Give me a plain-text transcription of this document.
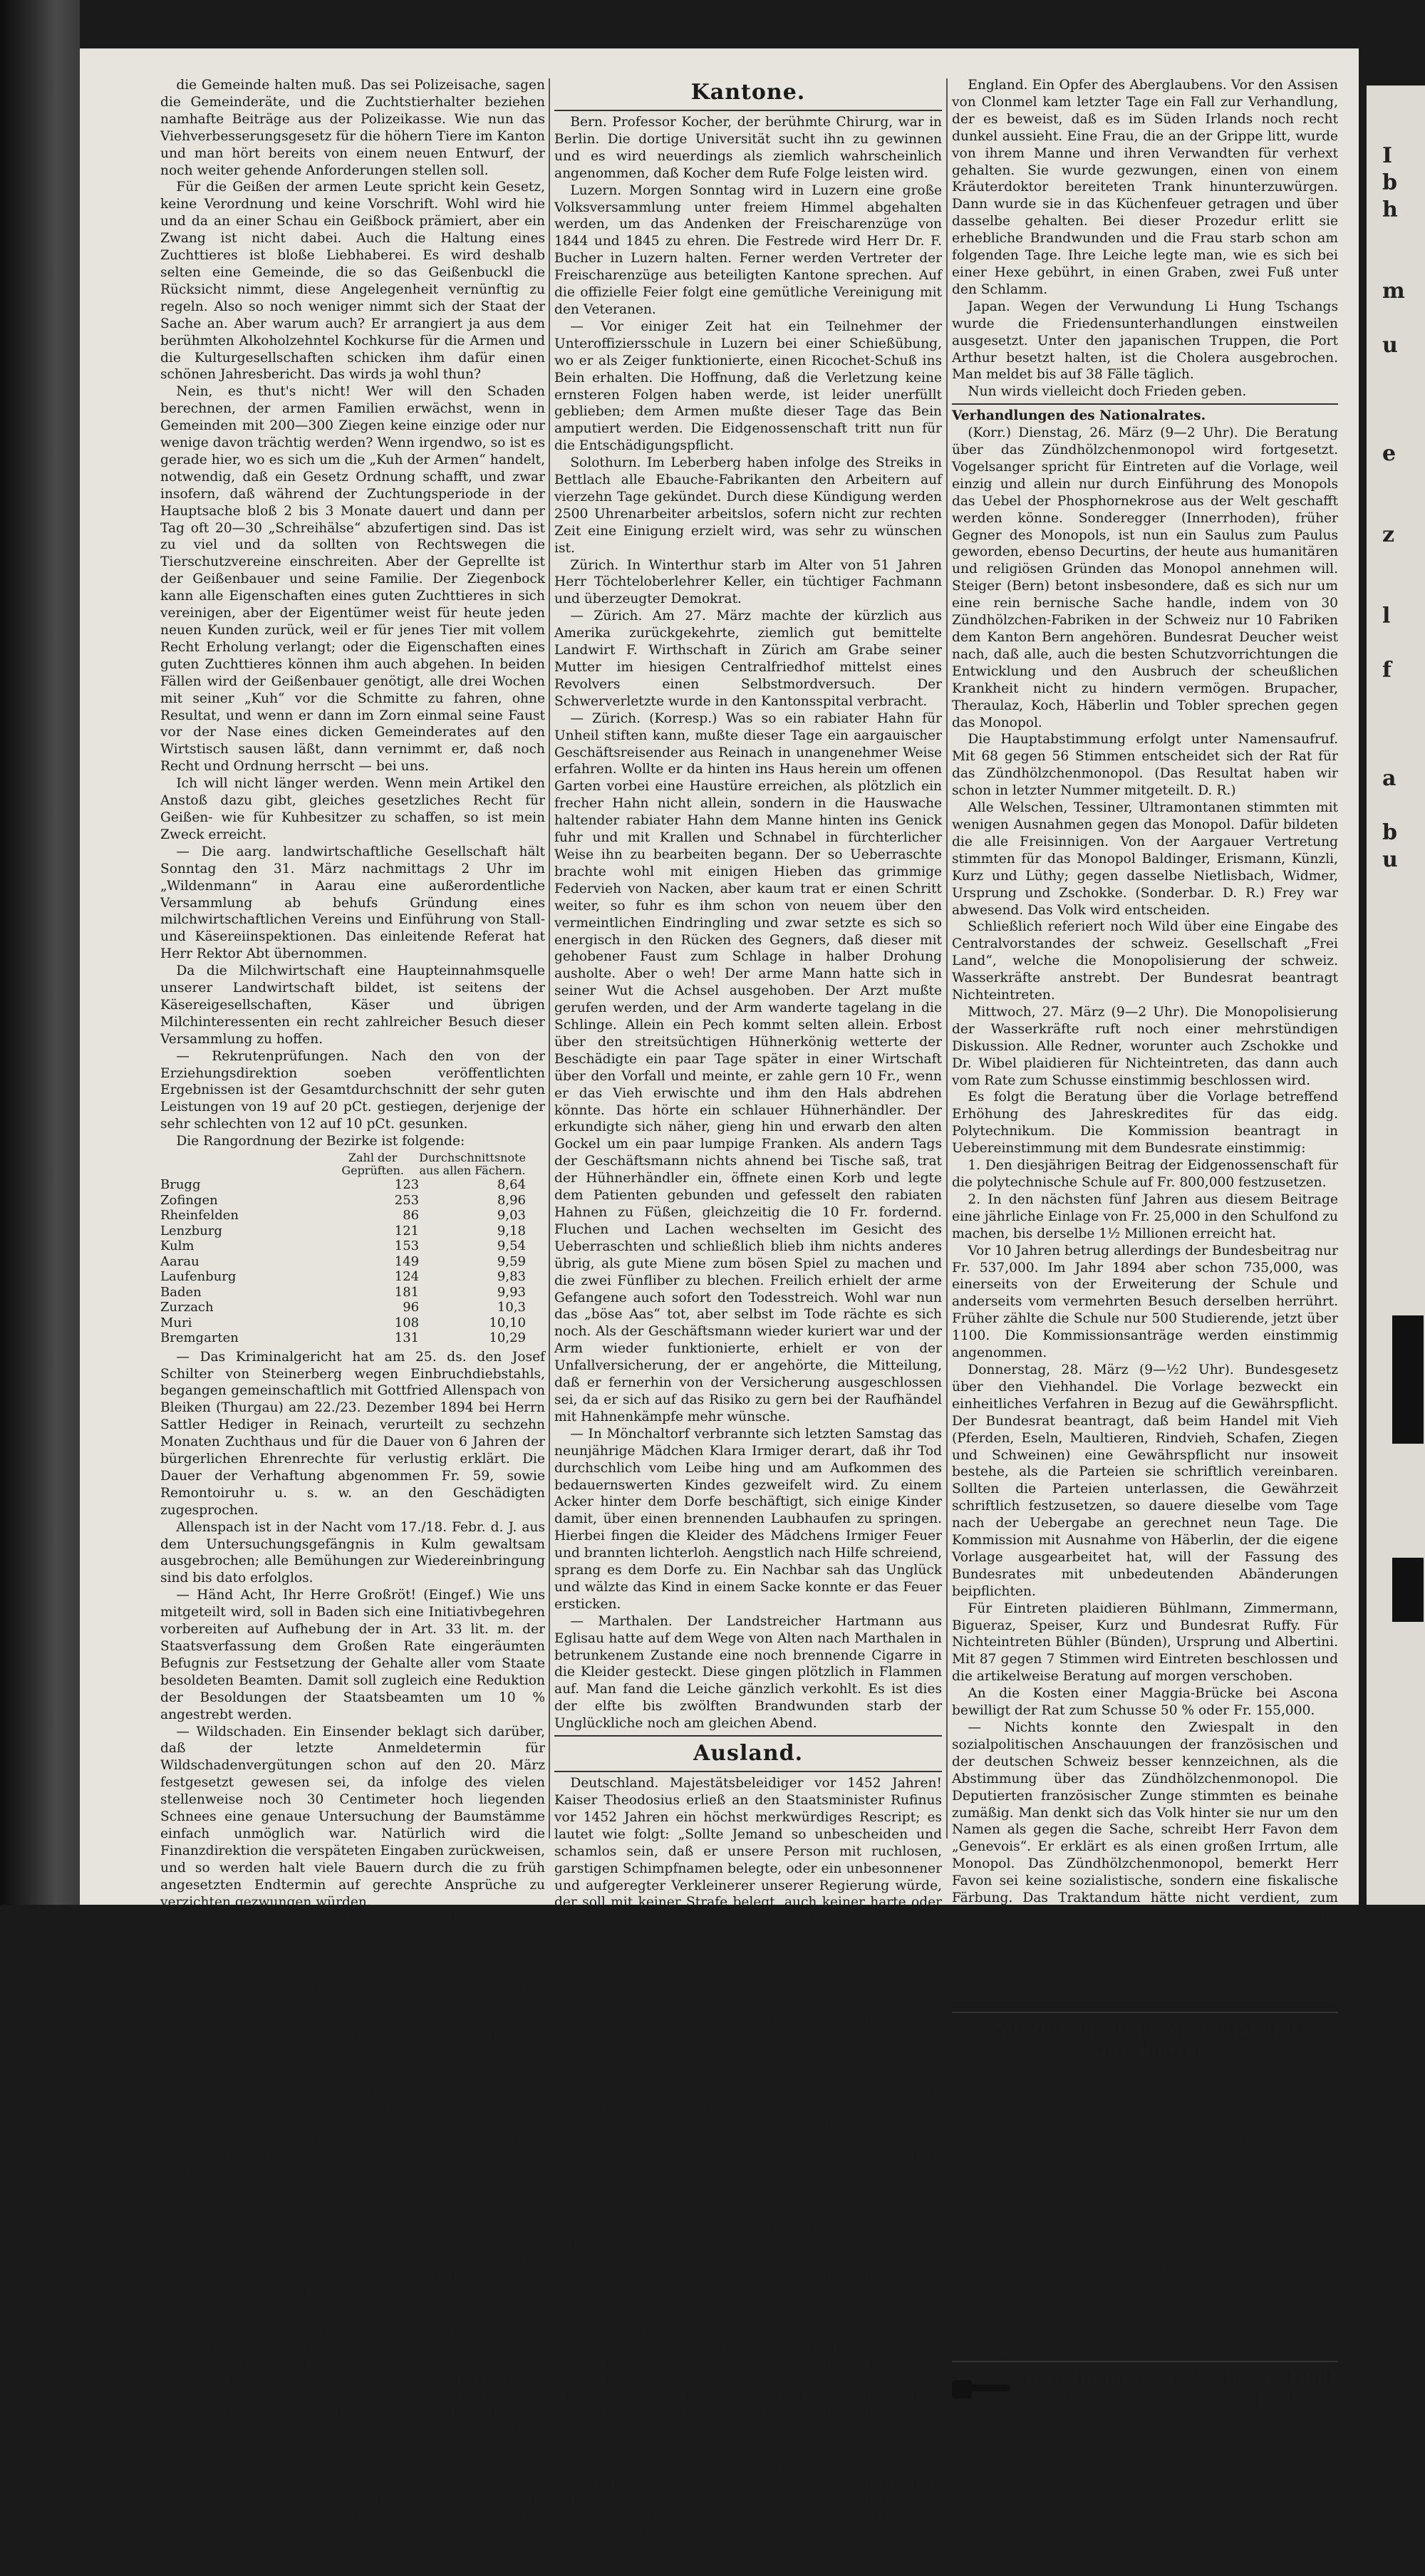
I
b
h

m

u

e

z

l

f

a

b
u

die Gemeinde halten muß. Das sei Polizeisache, sagen die Gemeinderäte, und die Zuchtstierhalter beziehen namhafte Beiträge aus der Polizeikasse. Wie nun das Viehverbesserungsgesetz für die höhern Tiere im Kanton und man hört bereits von einem neuen Entwurf, der noch weiter gehende Anforderungen stellen soll.

Für die Geißen der armen Leute spricht kein Gesetz, keine Verordnung und keine Vorschrift. Wohl wird hie und da an einer Schau ein Geißbock prämiert, aber ein Zwang ist nicht dabei. Auch die Haltung eines Zuchttieres ist bloße Liebhaberei. Es wird deshalb selten eine Gemeinde, die so das Geißenbuckl die Rücksicht nimmt, diese Angelegenheit vernünftig zu regeln. Also so noch weniger nimmt sich der Staat der Sache an. Aber warum auch? Er arrangiert ja aus dem berühmten Alkoholzehntel Kochkurse für die Armen und die Kulturgesellschaften schicken ihm dafür einen schönen Jahresbericht. Das wirds ja wohl thun?

Nein, es thut's nicht! Wer will den Schaden berechnen, der armen Familien erwächst, wenn in Gemeinden mit 200—300 Ziegen keine einzige oder nur wenige davon trächtig werden? Wenn irgendwo, so ist es gerade hier, wo es sich um die „Kuh der Armen“ handelt, notwendig, daß ein Gesetz Ordnung schafft, und zwar insofern, daß während der Zuchtungsperiode in der Hauptsache bloß 2 bis 3 Monate dauert und dann per Tag oft 20—30 „Schreihälse“ abzufertigen sind. Das ist zu viel und da sollten von Rechtswegen die Tierschutzvereine einschreiten. Aber der Geprellte ist der Geißenbauer und seine Familie. Der Ziegenbock kann alle Eigenschaften eines guten Zuchttieres in sich vereinigen, aber der Eigentümer weist für heute jeden neuen Kunden zurück, weil er für jenes Tier mit vollem Recht Erholung verlangt; oder die Eigenschaften eines guten Zuchttieres können ihm auch abgehen. In beiden Fällen wird der Geißenbauer genötigt, alle drei Wochen mit seiner „Kuh“ vor die Schmitte zu fahren, ohne Resultat, und wenn er dann im Zorn einmal seine Faust vor der Nase eines dicken Gemeinderates auf den Wirtstisch sausen läßt, dann vernimmt er, daß noch Recht und Ordnung herrscht — bei uns.

Ich will nicht länger werden. Wenn mein Artikel den Anstoß dazu gibt, gleiches gesetzliches Recht für Geißen- wie für Kuhbesitzer zu schaffen, so ist mein Zweck erreicht.

— Die aarg. landwirtschaftliche Gesellschaft hält Sonntag den 31. März nachmittags 2 Uhr im „Wildenmann“ in Aarau eine außerordentliche Versammlung ab behufs Gründung eines milchwirtschaftlichen Vereins und Einführung von Stall- und Käsereiinspektionen. Das einleitende Referat hat Herr Rektor Abt übernommen.

Da die Milchwirtschaft eine Haupteinnahmsquelle unserer Landwirtschaft bildet, ist seitens der Käsereigesellschaften, Käser und übrigen Milchinteressenten ein recht zahlreicher Besuch dieser Versammlung zu hoffen.

— Rekrutenprüfungen. Nach den von der Erziehungsdirektion soeben veröffentlichten Ergebnissen ist der Gesamtdurchschnitt der sehr guten Leistungen von 19 auf 20 pCt. gestiegen, derjenige der sehr schlechten von 12 auf 10 pCt. gesunken.

Die Rangordnung der Bezirke ist folgende:

	Zahl der Geprüften.	Durchschnittsnote aus allen Fächern.
Brugg	123	8,64
Zofingen	253	8,96
Rheinfelden	86	9,03
Lenzburg	121	9,18
Kulm	153	9,54
Aarau	149	9,59
Laufenburg	124	9,83
Baden	181	9,93
Zurzach	96	10,3
Muri	108	10,10
Bremgarten	131	10,29

— Das Kriminalgericht hat am 25. ds. den Josef Schilter von Steinerberg wegen Einbruchdiebstahls, begangen gemeinschaftlich mit Gottfried Allenspach von Bleiken (Thurgau) am 22./23. Dezember 1894 bei Herrn Sattler Hediger in Reinach, verurteilt zu sechzehn Monaten Zuchthaus und für die Dauer von 6 Jahren der bürgerlichen Ehrenrechte für verlustig erklärt. Die Dauer der Verhaftung abgenommen Fr. 59, sowie Remontoiruhr u. s. w. an den Geschädigten zugesprochen.

Allenspach ist in der Nacht vom 17./18. Febr. d. J. aus dem Untersuchungsgefängnis in Kulm gewaltsam ausgebrochen; alle Bemühungen zur Wiedereinbringung sind bis dato erfolglos.

— Händ Acht, Ihr Herre Großröt! (Eingef.) Wie uns mitgeteilt wird, soll in Baden sich eine Initiativbegehren vorbereiten auf Aufhebung der in Art. 33 lit. m. der Staatsverfassung dem Großen Rate eingeräumten Befugnis zur Festsetzung der Gehalte aller vom Staate besoldeten Beamten. Damit soll zugleich eine Reduktion der Besoldungen der Staatsbeamten um 10 % angestrebt werden.

— Wildschaden. Ein Einsender beklagt sich darüber, daß der letzte Anmeldetermin für Wildschadenvergütungen schon auf den 20. März festgesetzt gewesen sei, da infolge des vielen stellenweise noch 30 Centimeter hoch liegenden Schnees eine genaue Untersuchung der Baumstämme einfach unmöglich war. Natürlich wird die Finanzdirektion die verspäteten Eingaben zurückweisen, und so werden halt viele Bauern durch die zu früh angesetzten Endtermin auf gerechte Ansprüche zu verzichten gezwungen würden.

— Suhr. (Eingef.) Am 17. ds. Mts. hat eine Versammlung von Landwirten von Gränichen und Suhr getagt, die die Gründung einer landwirtschaftlichen Genossenschaft beschlossen und eine Kommission zur Vorberatung der Statuten niedergesetzt. Diese hat ihre Aufgabe vollendet, so daß der definitiven Festsetzung der Statuten am Sonntag den 31. dies, nachmittags ½ 2 Uhr eine zweite Versammlung von Landwirten des Kreises Suhr in den Gasthof zum Bären daselbst eingeladen werden kann.

Es ist im Interesse der Landwirtschaft sehr zu wünschen, daß diese Versammlung recht zahlreich besucht werde.

— Frickthal. Fräulein Anna Bätschwyler von Rheinfeld bei Laufenburg hat in Zürich das beste Maturitätsexamen bestanden. Es ist dasselbe Fräulein, dem vor nun zwei Jahren der aarg. Erziehungsdirektor den Besuch des Gymnasiums an der Kantonsschule in Aarau nicht gestattete.

— Während des Baues der Bötzbergbahn 1874/75, also vor 20 Jahren, verlor der hiebei beschäftigte Arbeiter Melchior Stocker von Obermumpf sein Leben durch Unglücksfall und wurde mit seinen Arbeitskleidern, worin sich auch ein gefülltes Kirschwasserfläschchen befand, auf dem Gottesacker seiner Heimatgemeinde begraben. Letzter Tage nun öffnete der Totengräber zu Obermumpf, da jene Gräberreihe wieder zur Aufnahme von Leichen bestimmt worden war, jenes Grab und fand in demselben das Fläschchen noch gänzlich unverletzt und gefüllt. Der jetzige Besitzer, Herr Gemeindeammann Stocker von da, nahm es zu seinen Händen, soll aber nach Abschlag des alten Kirschwassers verlangt haben, wozu der Inhalt verriet das Kirschwasser „Vollsöffi“.

— Seethal. In Beinwyl hat sich ein 18jähriger Jüngling aus dem Kanton Bern ertränkt, weil sein Lehrmeister, bei welchem er eingetreten war, erklärte, er könne ihn nicht brauchen.

Kantone.

Bern. Professor Kocher, der berühmte Chirurg, war in Berlin. Die dortige Universität sucht ihn zu gewinnen und es wird neuerdings als ziemlich wahrscheinlich angenommen, daß Kocher dem Rufe Folge leisten wird.

Luzern. Morgen Sonntag wird in Luzern eine große Volksversammlung unter freiem Himmel abgehalten werden, um das Andenken der Freischarenzüge von 1844 und 1845 zu ehren. Die Festrede wird Herr Dr. F. Bucher in Luzern halten. Ferner werden Vertreter der Freischarenzüge aus beteiligten Kantone sprechen. Auf die offizielle Feier folgt eine gemütliche Vereinigung mit den Veteranen.

— Vor einiger Zeit hat ein Teilnehmer der Unteroffiziersschule in Luzern bei einer Schießübung, wo er als Zeiger funktionierte, einen Ricochet-Schuß ins Bein erhalten. Die Hoffnung, daß die Verletzung keine ernsteren Folgen haben werde, ist leider unerfüllt geblieben; dem Armen mußte dieser Tage das Bein amputiert werden. Die Eidgenossenschaft tritt nun für die Entschädigungspflicht.

Solothurn. Im Leberberg haben infolge des Streiks in Bettlach alle Ebauche-Fabrikanten den Arbeitern auf vierzehn Tage gekündet. Durch diese Kündigung werden 2500 Uhrenarbeiter arbeitslos, sofern nicht zur rechten Zeit eine Einigung erzielt wird, was sehr zu wünschen ist.

Zürich. In Winterthur starb im Alter von 51 Jahren Herr Töchteloberlehrer Keller, ein tüchtiger Fachmann und überzeugter Demokrat.

— Zürich. Am 27. März machte der kürzlich aus Amerika zurückgekehrte, ziemlich gut bemittelte Landwirt F. Wirthschaft in Zürich am Grabe seiner Mutter im hiesigen Centralfriedhof mittelst eines Revolvers einen Selbstmordversuch. Der Schwerverletzte wurde in den Kantonsspital verbracht.

— Zürich. (Korresp.) Was so ein rabiater Hahn für Unheil stiften kann, mußte dieser Tage ein aargauischer Geschäftsreisender aus Reinach in unangenehmer Weise erfahren. Wollte er da hinten ins Haus herein um offenen Garten vorbei eine Haustüre erreichen, als plötzlich ein frecher Hahn nicht allein, sondern in die Hauswache haltender rabiater Hahn dem Manne hinten ins Genick fuhr und mit Krallen und Schnabel in fürchterlicher Weise ihn zu bearbeiten begann. Der so Ueberraschte brachte wohl mit einigen Hieben das grimmige Federvieh von Nacken, aber kaum trat er einen Schritt weiter, so fuhr es ihm schon von neuem über den vermeintlichen Eindringling und zwar setzte es sich so energisch in den Rücken des Gegners, daß dieser mit gehobener Faust zum Schlage in halber Drohung ausholte. Aber o weh! Der arme Mann hatte sich in seiner Wut die Achsel ausgehoben. Der Arzt mußte gerufen werden, und der Arm wanderte tagelang in die Schlinge. Allein ein Pech kommt selten allein. Erbost über den streitsüchtigen Hühnerkönig wetterte der Beschädigte ein paar Tage später in einer Wirtschaft über den Vorfall und meinte, er zahle gern 10 Fr., wenn er das Vieh erwischte und ihm den Hals abdrehen könnte. Das hörte ein schlauer Hühnerhändler. Der erkundigte sich näher, gieng hin und erwarb den alten Gockel um ein paar lumpige Franken. Als andern Tags der Geschäftsmann nichts ahnend bei Tische saß, trat der Hühnerhändler ein, öffnete einen Korb und legte dem Patienten gebunden und gefesselt den rabiaten Hahnen zu Füßen, gleichzeitig die 10 Fr. fordernd. Fluchen und Lachen wechselten im Gesicht des Ueberraschten und schließlich blieb ihm nichts anderes übrig, als gute Miene zum bösen Spiel zu machen und die zwei Fünfliber zu blechen. Freilich erhielt der arme Gefangene auch sofort den Todesstreich. Wohl war nun das „böse Aas“ tot, aber selbst im Tode rächte es sich noch. Als der Geschäftsmann wieder kuriert war und der Arm wieder funktionierte, erhielt er von der Unfallversicherung, der er angehörte, die Mitteilung, daß er fernerhin von der Versicherung ausgeschlossen sei, da er sich auf das Risiko zu gern bei der Raufhändel mit Hahnenkämpfe mehr wünsche.

— In Mönchaltorf verbrannte sich letzten Samstag das neunjährige Mädchen Klara Irmiger derart, daß ihr Tod durchschlich vom Leibe hing und am Aufkommen des bedauernswerten Kindes gezweifelt wird. Zu einem Acker hinter dem Dorfe beschäftigt, sich einige Kinder damit, über einen brennenden Laubhaufen zu springen. Hierbei fingen die Kleider des Mädchens Irmiger Feuer und brannten lichterloh. Aengstlich nach Hilfe schreiend, sprang es dem Dorfe zu. Ein Nachbar sah das Unglück und wälzte das Kind in einem Sacke konnte er das Feuer ersticken.

— Marthalen. Der Landstreicher Hartmann aus Eglisau hatte auf dem Wege von Alten nach Marthalen in betrunkenem Zustande eine noch brennende Cigarre in die Kleider gesteckt. Diese gingen plötzlich in Flammen auf. Man fand die Leiche gänzlich verkohlt. Es ist dies der elfte bis zwölften Brandwunden starb der Unglückliche noch am gleichen Abend.

Ausland.

Deutschland. Majestätsbeleidiger vor 1452 Jahren! Kaiser Theodosius erließ an den Staatsminister Rufinus vor 1452 Jahren ein höchst merkwürdiges Rescript; es lautet wie folgt: „Sollte Jemand so unbescheiden und schamlos sein, daß er unsere Person mit ruchlosen, garstigen Schimpfnamen belegte, oder ein unbesonnener und aufgeregter Verkleinerer unserer Regierung würde, der soll mit keiner Strafe belegt, auch keiner harte oder hartes und Empfindliches zugefügt werden. Denn geschieht es aus Lichtsinn (levitata), so verdient es Verachtung; geschah es aus Unverstand (insania), so verdient es Bedauern; geschah es aus bösem Willen (injuria), so verdient es Verzeihung. — Wir befehlen daher, daß in solchen Fällen die Sache, bevor etwas darin geschieht, an uns berichtet werde, damit wir uns aus eigener Persönlichkeiten die Aeußerung der Menschen beurteilen und ob sie übergangen oder untersucht werden sollen. — Gegeben zu Konstantinopel den 9. August 393! — Welcher Gegensatz zur Jetztzeit, wo man im heiligen byzantinischen Reiche deutscher Nation angesichts der modernen Kultur, wo man von denen der Kaiser früher ganz etwa das Glas über den Bildnis des Monarchen zerbricht. Ja, wo man nicht mehr von byzantinischer Kriecherei und Speichelleckerei zu sprechen haben, sondern von deutscher.

— Der Reichstag hat den bisherigen ersten Vizepräsidenten Buol (Centrum) mit 183 von 291 Stimmen zum Präsidenten gewählt.

— Schwabenstreiche. Im Württemberg werden von der Volkspartei Volksversammlungen abgehalten — in Stuttgart waren 1500 Personen versammelt — die den Reichstag zu seiner ablehnenden Haltung gegen Bismarck beglückwünschen und ihr tiefes Bedauern über die Haltung des badischen Parlament bei dieser Sache versammlungsmäßigen gefaßten und verwerflichen Beschlußfassung über die verletzenden Beurteilung durch den Kaiser zum Ausdruck bringen. Unbeirrt durch lakaienhafte Entrüstung werden so die Wähler hinter dem Beschluß der Reichstagsmehrheit stehen.

„Die wackere Schwabe forcht sich nit,
Ging seines Weges Schritt vor Schritt.“

Frankreich. In Paris wurde ein ziemlich wohlhabender Schatz-Schwindler, die auch die Schweiz und speziell den Aargau unsicher machten und nun gefangen und festgenommen und hinter Schloß und Riegel gesteckt. Bereits sind mehrere hundert Klagen gegen ihn und seine Komplicen anhängig.

England. Ein Opfer des Aberglaubens. Vor den Assisen von Clonmel kam letzter Tage ein Fall zur Verhandlung, der es beweist, daß es im Süden Irlands noch recht dunkel aussieht. Eine Frau, die an der Grippe litt, wurde von ihrem Manne und ihren Verwandten für verhext gehalten. Sie wurde gezwungen, einen von einem Kräuterdoktor bereiteten Trank hinunterzuwürgen. Dann wurde sie in das Küchenfeuer getragen und über dasselbe gehalten. Bei dieser Prozedur erlitt sie erhebliche Brandwunden und die Frau starb schon am folgenden Tage. Ihre Leiche legte man, wie es sich bei einer Hexe gebührt, in einen Graben, zwei Fuß unter den Schlamm.

Japan. Wegen der Verwundung Li Hung Tschangs wurde die Friedensunterhandlungen einstweilen ausgesetzt. Unter den japanischen Truppen, die Port Arthur besetzt halten, ist die Cholera ausgebrochen. Man meldet bis auf 38 Fälle täglich.

Nun wirds vielleicht doch Frieden geben.

Verhandlungen des Nationalrates.

(Korr.) Dienstag, 26. März (9—2 Uhr). Die Beratung über das Zündhölzchenmonopol wird fortgesetzt. Vogelsanger spricht für Eintreten auf die Vorlage, weil einzig und allein nur durch Einführung des Monopols das Uebel der Phosphornekrose aus der Welt geschafft werden könne. Sonderegger (Innerrhoden), früher Gegner des Monopols, ist nun ein Saulus zum Paulus geworden, ebenso Decurtins, der heute aus humanitären und religiösen Gründen das Monopol annehmen will. Steiger (Bern) betont insbesondere, daß es sich nur um eine rein bernische Sache handle, indem von 30 Zündhölzchen-Fabriken in der Schweiz nur 10 Fabriken dem Kanton Bern angehören. Bundesrat Deucher weist nach, daß alle, auch die besten Schutzvorrichtungen die Entwicklung und den Ausbruch der scheußlichen Krankheit nicht zu hindern vermögen. Brupacher, Theraulaz, Koch, Häberlin und Tobler sprechen gegen das Monopol.

Die Hauptabstimmung erfolgt unter Namensaufruf. Mit 68 gegen 56 Stimmen entscheidet sich der Rat für das Zündhölzchenmonopol. (Das Resultat haben wir schon in letzter Nummer mitgeteilt. D. R.)

Alle Welschen, Tessiner, Ultramontanen stimmten mit wenigen Ausnahmen gegen das Monopol. Dafür bildeten die alle Freisinnigen. Von der Aargauer Vertretung stimmten für das Monopol Baldinger, Erismann, Künzli, Kurz und Lüthy; gegen dasselbe Nietlisbach, Widmer, Ursprung und Zschokke. (Sonderbar. D. R.) Frey war abwesend. Das Volk wird entscheiden.

Schließlich referiert noch Wild über eine Eingabe des Centralvorstandes der schweiz. Gesellschaft „Frei Land“, welche die Monopolisierung der schweiz. Wasserkräfte anstrebt. Der Bundesrat beantragt Nichteintreten.

Mittwoch, 27. März (9—2 Uhr). Die Monopolisierung der Wasserkräfte ruft noch einer mehrstündigen Diskussion. Alle Redner, worunter auch Zschokke und Dr. Wibel plaidieren für Nichteintreten, das dann auch vom Rate zum Schusse einstimmig beschlossen wird.

Es folgt die Beratung über die Vorlage betreffend Erhöhung des Jahreskredites für das eidg. Polytechnikum. Die Kommission beantragt in Uebereinstimmung mit dem Bundesrate einstimmig:

1. Den diesjährigen Beitrag der Eidgenossenschaft für die polytechnische Schule auf Fr. 800,000 festzusetzen.

2. In den nächsten fünf Jahren aus diesem Beitrage eine jährliche Einlage von Fr. 25,000 in den Schulfond zu machen, bis derselbe 1½ Millionen erreicht hat.

Vor 10 Jahren betrug allerdings der Bundesbeitrag nur Fr. 537,000. Im Jahr 1894 aber schon 735,000, was einerseits von der Erweiterung der Schule und anderseits vom vermehrten Besuch derselben herrührt. Früher zählte die Schule nur 500 Studierende, jetzt über 1100. Die Kommissionsanträge werden einstimmig angenommen.

Donnerstag, 28. März (9—½2 Uhr). Bundesgesetz über den Viehhandel. Die Vorlage bezweckt ein einheitliches Verfahren in Bezug auf die Gewährspflicht. Der Bundesrat beantragt, daß beim Handel mit Vieh (Pferden, Eseln, Maultieren, Rindvieh, Schafen, Ziegen und Schweinen) eine Gewährspflicht nur insoweit bestehe, als die Parteien sie schriftlich vereinbaren. Sollten die Parteien unterlassen, die Gewährzeit schriftlich festzusetzen, so dauere dieselbe vom Tage nach der Uebergabe an gerechnet neun Tage. Die Kommission mit Ausnahme von Häberlin, der die eigene Vorlage ausgearbeitet hat, will der Fassung des Bundesrates mit unbedeutenden Abänderungen beipflichten.

Für Eintreten plaidieren Bühlmann, Zimmermann, Bigueraz, Speiser, Kurz und Bundesrat Ruffy. Für Nichteintreten Bühler (Bünden), Ursprung und Albertini. Mit 87 gegen 7 Stimmen wird Eintreten beschlossen und die artikelweise Beratung auf morgen verschoben.

An die Kosten einer Maggia-Brücke bei Ascona bewilligt der Rat zum Schusse 50 % oder Fr. 155,000.

— Nichts konnte den Zwiespalt in den sozialpolitischen Anschauungen der französischen und der deutschen Schweiz besser kennzeichnen, als die Abstimmung über das Zündhölzchenmonopol. Die Deputierten französischer Zunge stimmten es beinahe zumäßig. Man denkt sich das Volk hinter sie nur um den Namen als gegen die Sache, schreibt Herr Favon dem „Genevois“. Er erklärt es als einen großen Irrtum, alle Monopol. Das Zündhölzchenmonopol, bemerkt Herr Favon sei keine sozialistische, sondern eine fiskalische Färbung. Das Traktandum hätte nicht verdient, zum Kampfplatz sozialpolitischer Meinungen zu werden. Im schlimmsten Fall, so kalkulierte etwa die Gegner, wäre ein Verbleiben beim jetzigen Zustand einigen Dutzenden armer Teufel die Gesundheit kosten, und da gebe es Leute, welche sagen, es sei besser, daß die Gesundheit von einigen Wenigen zu leiden.

Auszug aus dem Aargauischen Amtsblatte.
Vom 23. März 1895.

Bevormundungen. Aarau. Roland, Anna Maria, Johannesen, Stubl-schrei von Oberentfelden. Brugg. Grimm, Jakob, Annas von Mülligen, Fabrikarbeiter in Wettingen. Lenzburg. Rusli, Friedrich, Jakobs, Metzgers. Pflästerer von Seengen, in Suhr. Rheinfelden. Herzog, Luitgarda, von Möhlin. — Mathis, Karl Barromäus, von Schupfart.

Schulden- und Burgschaftsrufe. Baden. Meier, Bartholom., Jakobs, von Würenlingen. — Füglister Bernhard, Landwirt von Bömler, Oberfüglister. — Suter, Basilius, all Bannwart von Freienwyl. Eingaben 4. Mai. Bremgarten. Michel, Plazid, Karrerd Landwirt, von Ruben. Eingaben 4. Mai. Laufenburg. Witwe Schibli. Creszencia geb. Sibold, von Alb.-Rumsg. 9. Mai. Lenzburg. Frau H. Reinhard & Sohn, v. Brugg. Lenzburg. — Japprert. Rothburga geb. Knecht, ab Laubberg bei Gansingen. Eingaben 24 April.

Konkurs-Eröffnung. Lenzburg. Basler, Arnold, gew. Küfer, von Uerkheim, in Seengen angesessen gewesen. Eingaben 13. April.

Liquidations-Eröffnung. Rheinfelden. Kym, Peter, Landwirt, von Möhlin †. Eingaben 13. April.

Stelleausschreibung. Gesamtschule Unter-Berikon. Besoldung Fr. 1200. Anmeldungen 15. April.

Bestellungen auf dieses Blatt werden jederzeit entgegengenommen.
